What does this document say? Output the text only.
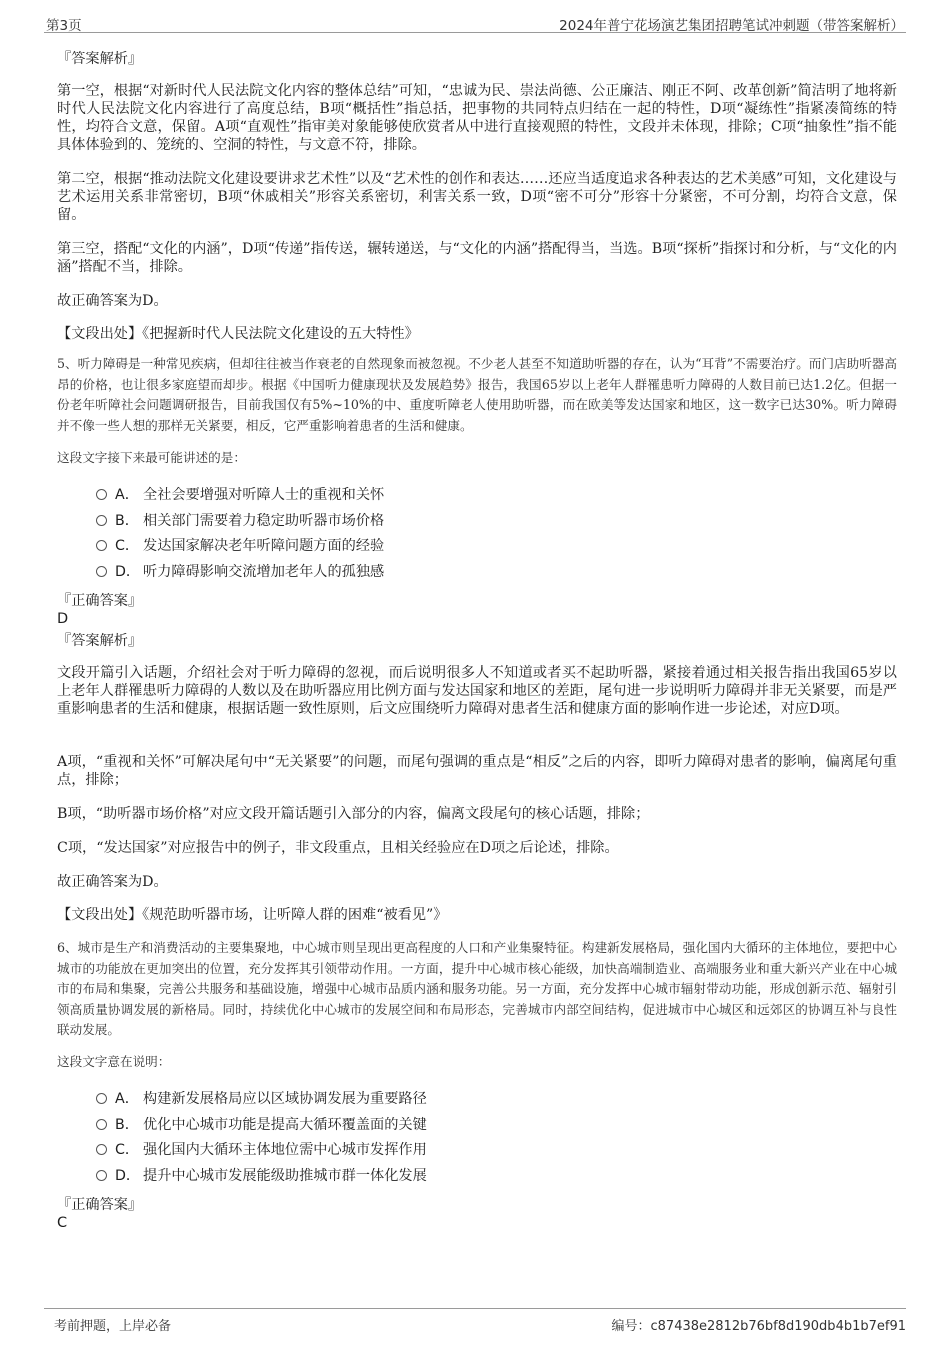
第3页	2024年普宁花场演艺集团招聘笔试冲刺题（带答案解析）
『答案解析』
第一空，根据“对新时代人民法院文化内容的整体总结”可知，“忠诚为民、崇法尚德、公正廉洁、刚正不阿、改革创新”简洁明了地将新时代人民法院文化内容进行了高度总结，B项“概括性”指总括，把事物的共同特点归结在一起的特性，D项“凝练性”指紧凑简练的特性，均符合文意，保留。A项“直观性”指审美对象能够使欣赏者从中进行直接观照的特性，文段并未体现，排除；C项“抽象性”指不能具体体验到的、笼统的、空洞的特性，与文意不符，排除。
第二空，根据“推动法院文化建设要讲求艺术性”以及“艺术性的创作和表达……还应当适度追求各种表达的艺术美感”可知，文化建设与艺术运用关系非常密切，B项“休戚相关”形容关系密切，利害关系一致，D项“密不可分”形容十分紧密，不可分割，均符合文意，保留。
第三空，搭配“文化的内涵”，D项“传递”指传送，辗转递送，与“文化的内涵”搭配得当，当选。B项“探析”指探讨和分析，与“文化的内涵”搭配不当，排除。
故正确答案为D。
【文段出处】《把握新时代人民法院文化建设的五大特性》
5、听力障碍是一种常见疾病，但却往往被当作衰老的自然现象而被忽视。不少老人甚至不知道助听器的存在，认为“耳背”不需要治疗。而门店助听器高昂的价格，也让很多家庭望而却步。根据《中国听力健康现状及发展趋势》报告，我国65岁以上老年人群罹患听力障碍的人数目前已达1.2亿。但据一份老年听障社会问题调研报告，目前我国仅有5%~10%的中、重度听障老人使用助听器，而在欧美等发达国家和地区，这一数字已达30%。听力障碍并不像一些人想的那样无关紧要，相反，它严重影响着患者的生活和健康。
这段文字接下来最可能讲述的是：
A． 全社会要增强对听障人士的重视和关怀
B． 相关部门需要着力稳定助听器市场价格
C． 发达国家解决老年听障问题方面的经验
D． 听力障碍影响交流增加老年人的孤独感
『正确答案』
D
『答案解析』
文段开篇引入话题，介绍社会对于听力障碍的忽视，而后说明很多人不知道或者买不起助听器，紧接着通过相关报告指出我国65岁以上老年人群罹患听力障碍的人数以及在助听器应用比例方面与发达国家和地区的差距，尾句进一步说明听力障碍并非无关紧要，而是严重影响患者的生活和健康，根据话题一致性原则，后文应围绕听力障碍对患者生活和健康方面的影响作进一步论述，对应D项。
A项，“重视和关怀”可解决尾句中“无关紧要”的问题，而尾句强调的重点是“相反”之后的内容，即听力障碍对患者的影响，偏离尾句重点，排除；
B项，“助听器市场价格”对应文段开篇话题引入部分的内容，偏离文段尾句的核心话题，排除；
C项，“发达国家”对应报告中的例子，非文段重点，且相关经验应在D项之后论述，排除。
故正确答案为D。
【文段出处】《规范助听器市场，让听障人群的困难“被看见”》
6、城市是生产和消费活动的主要集聚地，中心城市则呈现出更高程度的人口和产业集聚特征。构建新发展格局，强化国内大循环的主体地位，要把中心城市的功能放在更加突出的位置，充分发挥其引领带动作用。一方面，提升中心城市核心能级，加快高端制造业、高端服务业和重大新兴产业在中心城市的布局和集聚，完善公共服务和基础设施，增强中心城市品质内涵和服务功能。另一方面，充分发挥中心城市辐射带动功能，形成创新示范、辐射引领高质量协调发展的新格局。同时，持续优化中心城市的发展空间和布局形态，完善城市内部空间结构，促进城市中心城区和远郊区的协调互补与良性联动发展。
这段文字意在说明：
A． 构建新发展格局应以区域协调发展为重要路径
B． 优化中心城市功能是提高大循环覆盖面的关键
C． 强化国内大循环主体地位需中心城市发挥作用
D． 提升中心城市发展能级助推城市群一体化发展
『正确答案』
C
考前押题，上岸必备	编号：c87438e2812b76bf8d190db4b1b7ef91
